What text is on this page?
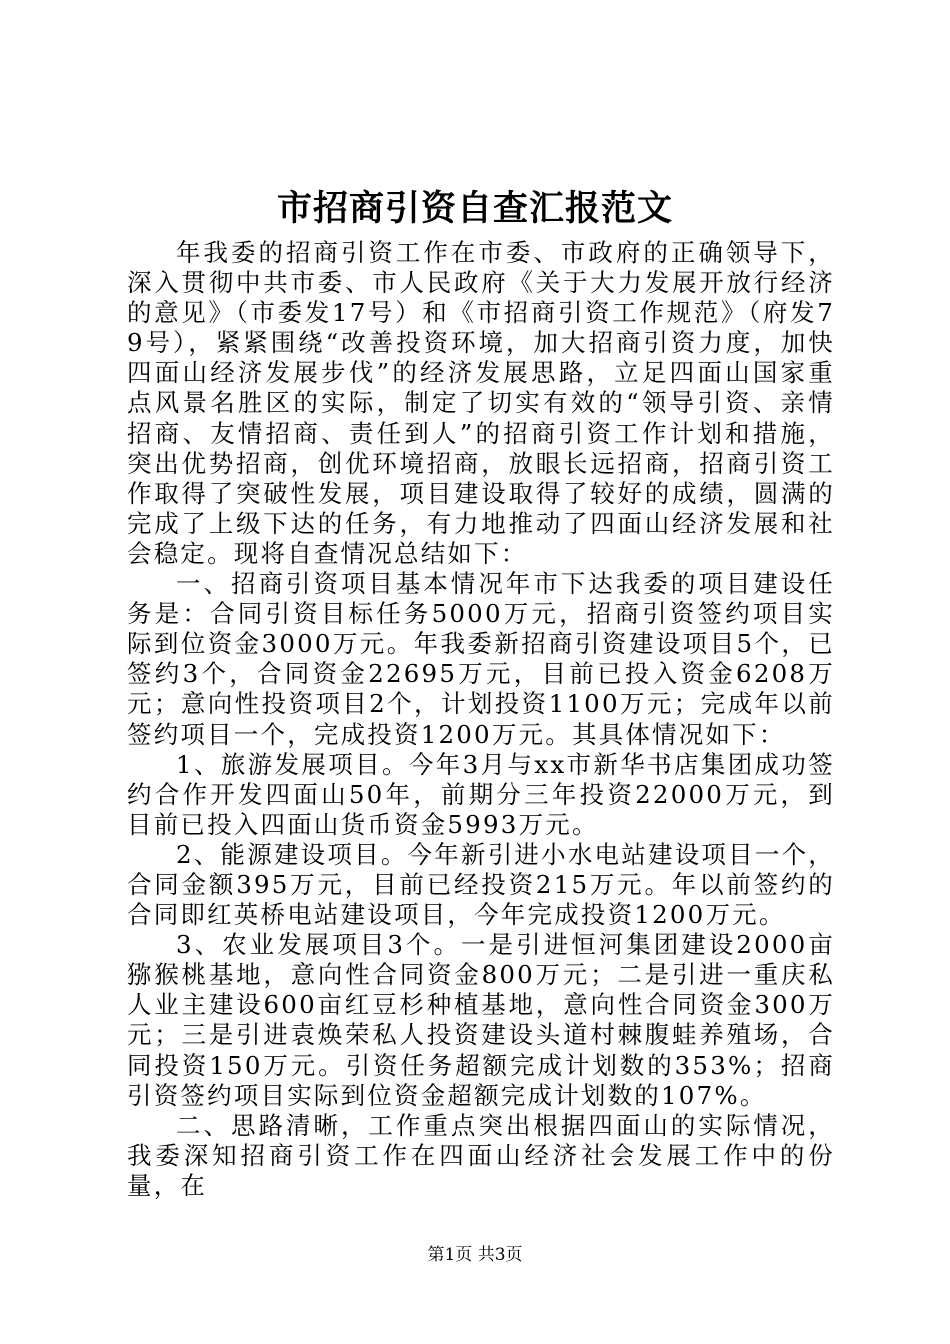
市招商引资自查汇报范文

年我委的招商引资工作在市委、市政府的正确领导下，深入贯彻中共市委、市人民政府《关于大力发展开放行经济的意见》（市委发17号）和《市招商引资工作规范》（府发79号），紧紧围绕“改善投资环境，加大招商引资力度，加快四面山经济发展步伐”的经济发展思路，立足四面山国家重点风景名胜区的实际，制定了切实有效的“领导引资、亲情招商、友情招商、责任到人”的招商引资工作计划和措施，突出优势招商，创优环境招商，放眼长远招商，招商引资工作取得了突破性发展，项目建设取得了较好的成绩，圆满的完成了上级下达的任务，有力地推动了四面山经济发展和社会稳定。现将自查情况总结如下：

一、招商引资项目基本情况年市下达我委的项目建设任务是：合同引资目标任务5000万元，招商引资签约项目实际到位资金3000万元。年我委新招商引资建设项目5个，已签约3个，合同资金22695万元，目前已投入资金6208万元；意向性投资项目2个，计划投资1100万元；完成年以前签约项目一个，完成投资1200万元。其具体情况如下：

1、旅游发展项目。今年3月与xx市新华书店集团成功签约合作开发四面山50年，前期分三年投资22000万元，到目前已投入四面山货币资金5993万元。

2、能源建设项目。今年新引进小水电站建设项目一个，合同金额395万元，目前已经投资215万元。年以前签约的合同即红英桥电站建设项目，今年完成投资1200万元。

3、农业发展项目3个。一是引进恒河集团建设2000亩猕猴桃基地，意向性合同资金800万元；二是引进一重庆私人业主建设600亩红豆杉种植基地，意向性合同资金300万元；三是引进袁焕荣私人投资建设头道村棘腹蛙养殖场，合同投资150万元。引资任务超额完成计划数的353%；招商引资签约项目实际到位资金超额完成计划数的107%。

二、思路清晰，工作重点突出根据四面山的实际情况，我委深知招商引资工作在四面山经济社会发展工作中的份量，在

第1页 共3页
